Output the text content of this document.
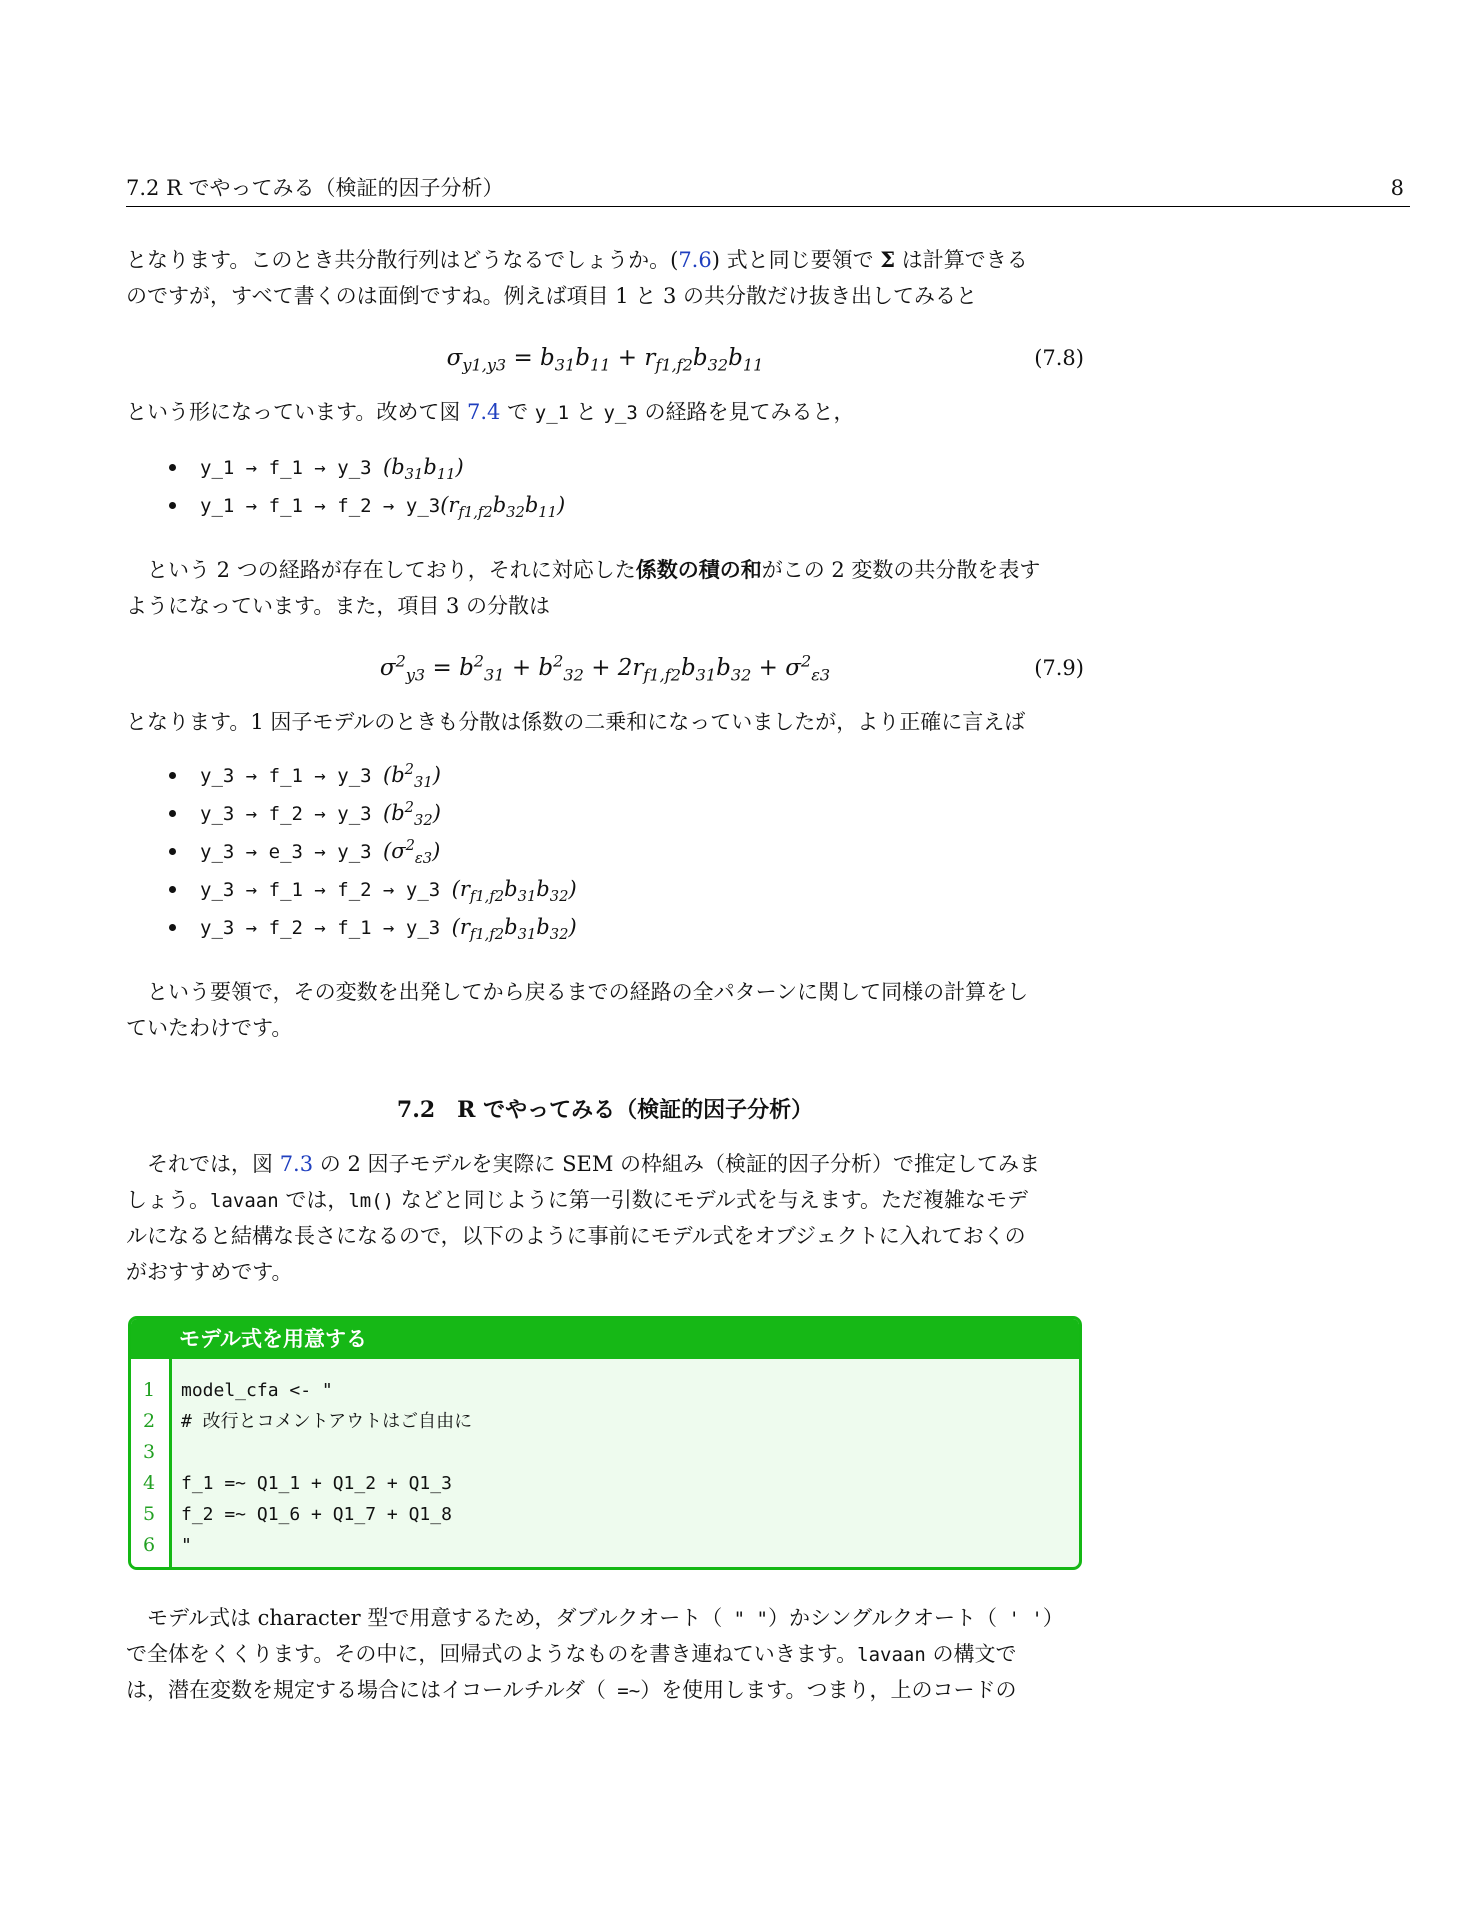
7.2 R でやってみる（検証的因子分析）	8

となります。このとき共分散行列はどうなるでしょうか。(7.6) 式と同じ要領で Σ は計算できる

のですが，すべて書くのは面倒ですね。例えば項目 1 と 3 の共分散だけ抜き出してみると

$\sigma_{y1,y3} = b_{31}b_{11} + r_{f1,f2}b_{32}b_{11}$	(7.8)

という形になっています。改めて図 7.4 で y_1 と y_3 の経路を見てみると，

y_1 → f_1 → y_3 $(b_{31}b_{11})$
y_1 → f_1 → f_2 → $y\_3(r_{f1,f2}b_{32}b_{11})$

という 2 つの経路が存在しており，それに対応した係数の積の和がこの 2 変数の共分散を表す

ようになっています。また，項目 3 の分散は

$\sigma^2_{y3} = b^2_{31} + b^2_{32} + 2r_{f1,f2}b_{31}b_{32} + \sigma^2_{\varepsilon 3}$	(7.9)

となります。1 因子モデルのときも分散は係数の二乗和になっていましたが，より正確に言えば

y_3 → f_1 → y_3 $(b^2_{31})$
y_3 → f_2 → y_3 $(b^2_{32})$
y_3 → e_3 → y_3 $(\sigma^2_{\varepsilon 3})$
y_3 → f_1 → f_2 → y_3 $(r_{f1,f2}b_{31}b_{32})$
y_3 → f_2 → f_1 → y_3 $(r_{f1,f2}b_{31}b_{32})$

という要領で，その変数を出発してから戻るまでの経路の全パターンに関して同様の計算をし

ていたわけです。

7.2　R でやってみる（検証的因子分析）

それでは，図 7.3 の 2 因子モデルを実際に SEM の枠組み（検証的因子分析）で推定してみま

しょう。lavaan では，lm() などと同じように第一引数にモデル式を与えます。ただ複雑なモデ

ルになると結構な長さになるので，以下のように事前にモデル式をオブジェクトに入れておくの

がおすすめです。

モデル式を用意する
1	model_cfa <- "
2	# 改行とコメントアウトはご自由に
3
4	f_1 =~ Q1_1 + Q1_2 + Q1_3
5	f_2 =~ Q1_6 + Q1_7 + Q1_8
6	"

モデル式は character 型で用意するため，ダブルクオート（ " "）かシングルクオート（ ' '）

で全体をくくります。その中に，回帰式のようなものを書き連ねていきます。lavaan の構文で

は，潜在変数を規定する場合にはイコールチルダ（ =~）を使用します。つまり，上のコードの
